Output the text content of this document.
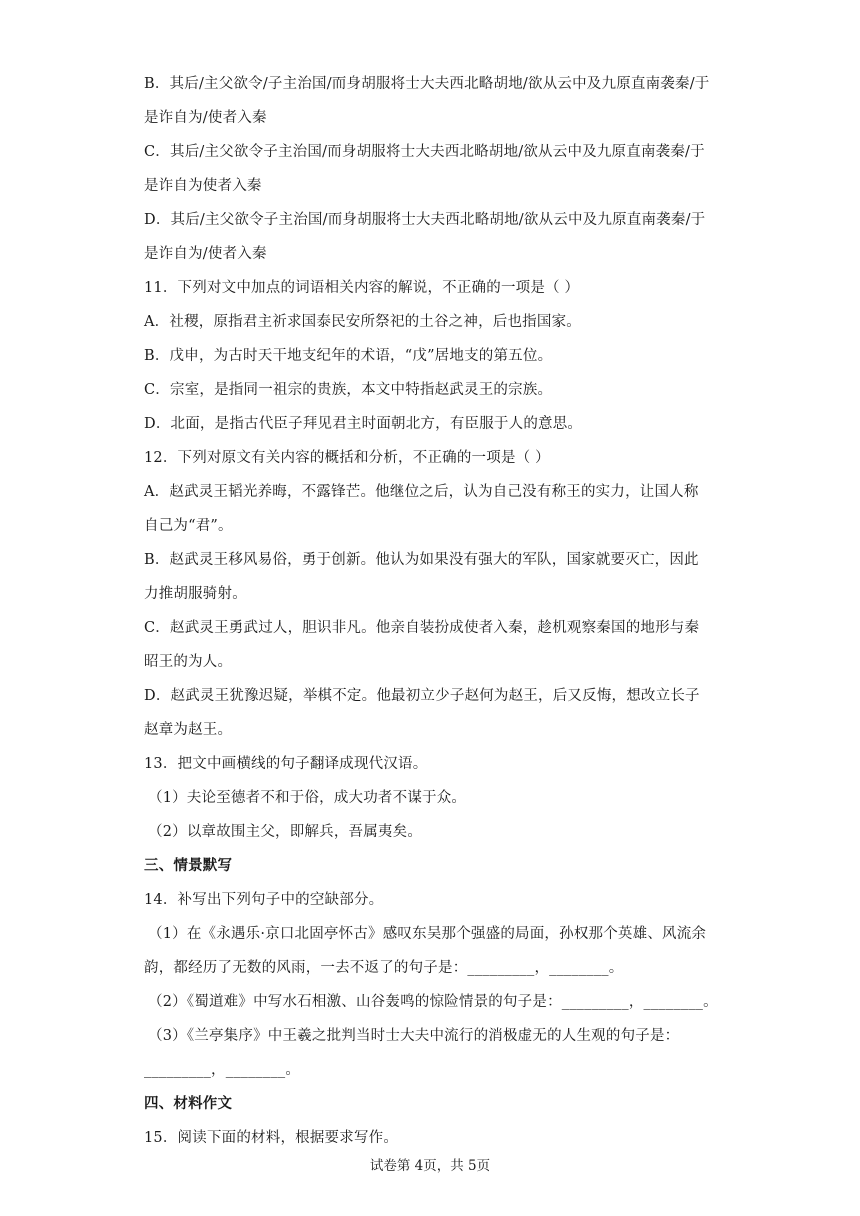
B．其后/主父欲令/子主治国/而身胡服将士大夫西北略胡地/欲从云中及九原直南袭秦/于
是诈自为/使者入秦
C．其后/主父欲令子主治国/而身胡服将士大夫西北略胡地/欲从云中及九原直南袭秦/于
是诈自为使者入秦
D．其后/主父欲令子主治国/而身胡服将士大夫西北略胡地/欲从云中及九原直南袭秦/于
是诈自为/使者入秦
11．下列对文中加点的词语相关内容的解说，不正确的一项是（ ）
A．社稷，原指君主祈求国泰民安所祭祀的土谷之神，后也指国家。
B．戊申，为古时天干地支纪年的术语，“戊”居地支的第五位。
C．宗室，是指同一祖宗的贵族，本文中特指赵武灵王的宗族。
D．北面，是指古代臣子拜见君主时面朝北方，有臣服于人的意思。
12．下列对原文有关内容的概括和分析，不正确的一项是（ ）
A．赵武灵王韬光养晦，不露锋芒。他继位之后，认为自己没有称王的实力，让国人称
自己为“君”。
B．赵武灵王移风易俗，勇于创新。他认为如果没有强大的军队，国家就要灭亡，因此
力推胡服骑射。
C．赵武灵王勇武过人，胆识非凡。他亲自装扮成使者入秦，趁机观察秦国的地形与秦
昭王的为人。
D．赵武灵王犹豫迟疑，举棋不定。他最初立少子赵何为赵王，后又反悔，想改立长子
赵章为赵王。
13．把文中画横线的句子翻译成现代汉语。
（1）夫论至德者不和于俗，成大功者不谋于众。
（2）以章故围主父，即解兵，吾属夷矣。
三、情景默写
14．补写出下列句子中的空缺部分。
（1）在《永遇乐·京口北固亭怀古》感叹东吴那个强盛的局面，孙权那个英雄、风流余
韵，都经历了无数的风雨，一去不返了的句子是：_________，________。
（2）《蜀道难》中写水石相激、山谷轰鸣的惊险情景的句子是：_________，________。
（3）《兰亭集序》中王羲之批判当时士大夫中流行的消极虚无的人生观的句子是：
_________，________。
四、材料作文
15．阅读下面的材料，根据要求写作。
试卷第 4页，共 5页
